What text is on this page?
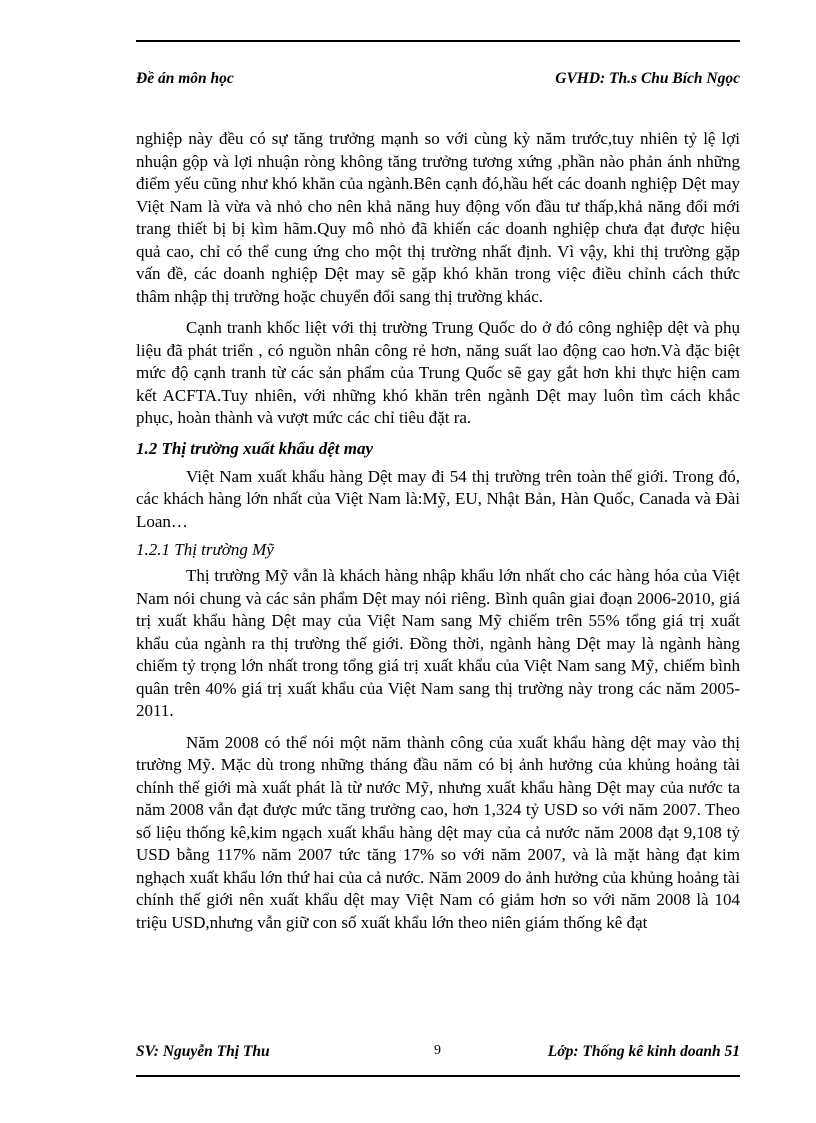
Đề án môn học	GVHD: Th.s Chu Bích Ngọc

nghiệp này đều có sự tăng trưởng mạnh so với cùng kỳ năm trước,tuy nhiên tỷ lệ lợi nhuận gộp và lợi nhuận ròng không tăng trưởng tương xứng ,phần nào phản ánh những điểm yếu cũng như khó khăn của ngành.Bên cạnh đó,hầu hết các doanh nghiệp Dệt may Việt Nam là vừa và nhỏ cho nên khả năng huy động vốn đầu tư thấp,khả năng đổi mới trang thiết bị bị kìm hãm.Quy mô nhỏ đã khiến các doanh nghiệp chưa đạt được hiệu quả cao, chỉ có thể cung ứng cho một thị trường nhất định. Vì vậy, khi thị trường gặp vấn đề, các doanh nghiệp Dệt may sẽ gặp khó khăn trong việc điều chỉnh cách thức thâm nhập thị trường hoặc chuyển đổi sang thị trường khác.

Cạnh tranh khốc liệt với thị trường Trung Quốc do ở đó công nghiệp dệt và phụ liệu đã phát triển , có nguồn nhân công rẻ hơn, năng suất lao động cao hơn.Và đặc biệt mức độ cạnh tranh từ các sản phẩm của Trung Quốc sẽ gay gắt hơn khi thực hiện cam kết ACFTA.Tuy nhiên, với những khó khăn trên ngành Dệt may luôn tìm cách khắc phục, hoàn thành và vượt mức các chỉ tiêu đặt ra.

1.2 Thị trường xuất khẩu dệt may

Việt Nam xuất khẩu hàng Dệt may đi 54 thị trường trên toàn thế giới. Trong đó, các khách hàng lớn nhất của Việt Nam là:Mỹ, EU, Nhật Bản, Hàn Quốc, Canada và Đài Loan…

1.2.1 Thị trường Mỹ

Thị trường Mỹ vẫn là khách hàng nhập khẩu lớn nhất cho các hàng hóa của Việt Nam nói chung và các sản phẩm Dệt may nói riêng. Bình quân giai đoạn 2006-2010, giá trị xuất khẩu hàng Dệt may của Việt Nam sang Mỹ chiếm trên 55% tổng giá trị xuất khẩu của ngành ra thị trường thế giới. Đồng thời, ngành hàng Dệt may là ngành hàng chiếm tỷ trọng lớn nhất trong tổng giá trị xuất khẩu của Việt Nam sang Mỹ, chiếm bình quân trên 40% giá trị xuất khẩu của Việt Nam sang thị trường này trong các năm 2005-2011.

Năm 2008 có thể nói một năm thành công của xuất khẩu hàng dệt may vào thị trường Mỹ. Mặc dù trong những tháng đầu năm có bị ảnh hưởng của khủng hoảng tài chính thế giới mà xuất phát là từ nước Mỹ, nhưng xuất khẩu hàng Dệt may của nước ta năm 2008 vẫn đạt được mức tăng trưởng cao, hơn 1,324 tỷ USD so với năm 2007. Theo số liệu thống kê,kim ngạch xuất khẩu hàng dệt may của cả nước năm 2008 đạt 9,108 tỷ USD bằng 117% năm 2007 tức tăng 17% so với năm 2007, và là mặt hàng đạt kim nghạch xuất khẩu lớn thứ hai của cả nước. Năm 2009 do ảnh hưởng của khủng hoảng tài chính thế giới nên xuất khẩu dệt may Việt Nam có giảm hơn so với năm 2008 là 104 triệu USD,nhưng vẫn giữ con số xuất khẩu lớn theo niên giám thống kê đạt

SV: Nguyễn Thị Thu	9	Lớp: Thống kê kinh doanh 51
